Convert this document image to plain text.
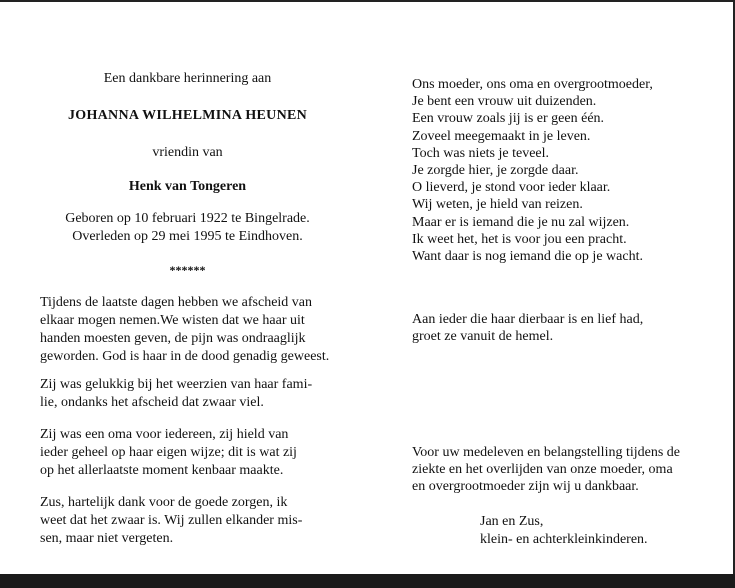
Een dankbare herinnering aan
JOHANNA WILHELMINA HEUNEN
vriendin van
Henk van Tongeren
Geboren op 10 februari 1922 te Bingelrade.
Overleden op 29 mei 1995 te Eindhoven.
******

Tijdens de laatste dagen hebben we afscheid van

elkaar mogen nemen.We wisten dat we haar uit

handen moesten geven, de pijn was ondraaglijk

geworden. God is haar in de dood genadig geweest.

Zij was gelukkig bij het weerzien van haar fami-

lie, ondanks het afscheid dat zwaar viel.

Zij was een oma voor iedereen, zij hield van

ieder geheel op haar eigen wijze; dit is wat zij

op het allerlaatste moment kenbaar maakte.

Zus, hartelijk dank voor de goede zorgen, ik

weet dat het zwaar is. Wij zullen elkander mis-

sen, maar niet vergeten.

Ons moeder, ons oma en overgrootmoeder,

Je bent een vrouw uit duizenden.

Een vrouw zoals jij is er geen één.

Zoveel meegemaakt in je leven.

Toch was niets je teveel.

Je zorgde hier, je zorgde daar.

O lieverd, je stond voor ieder klaar.

Wij weten, je hield van reizen.

Maar er is iemand die je nu zal wijzen.

Ik weet het, het is voor jou een pracht.

Want daar is nog iemand die op je wacht.

Aan ieder die haar dierbaar is en lief had,

groet ze vanuit de hemel.

Voor uw medeleven en belangstelling tijdens de

ziekte en het overlijden van onze moeder, oma

en overgrootmoeder zijn wij u dankbaar.

Jan en Zus,

klein- en achterkleinkinderen.
